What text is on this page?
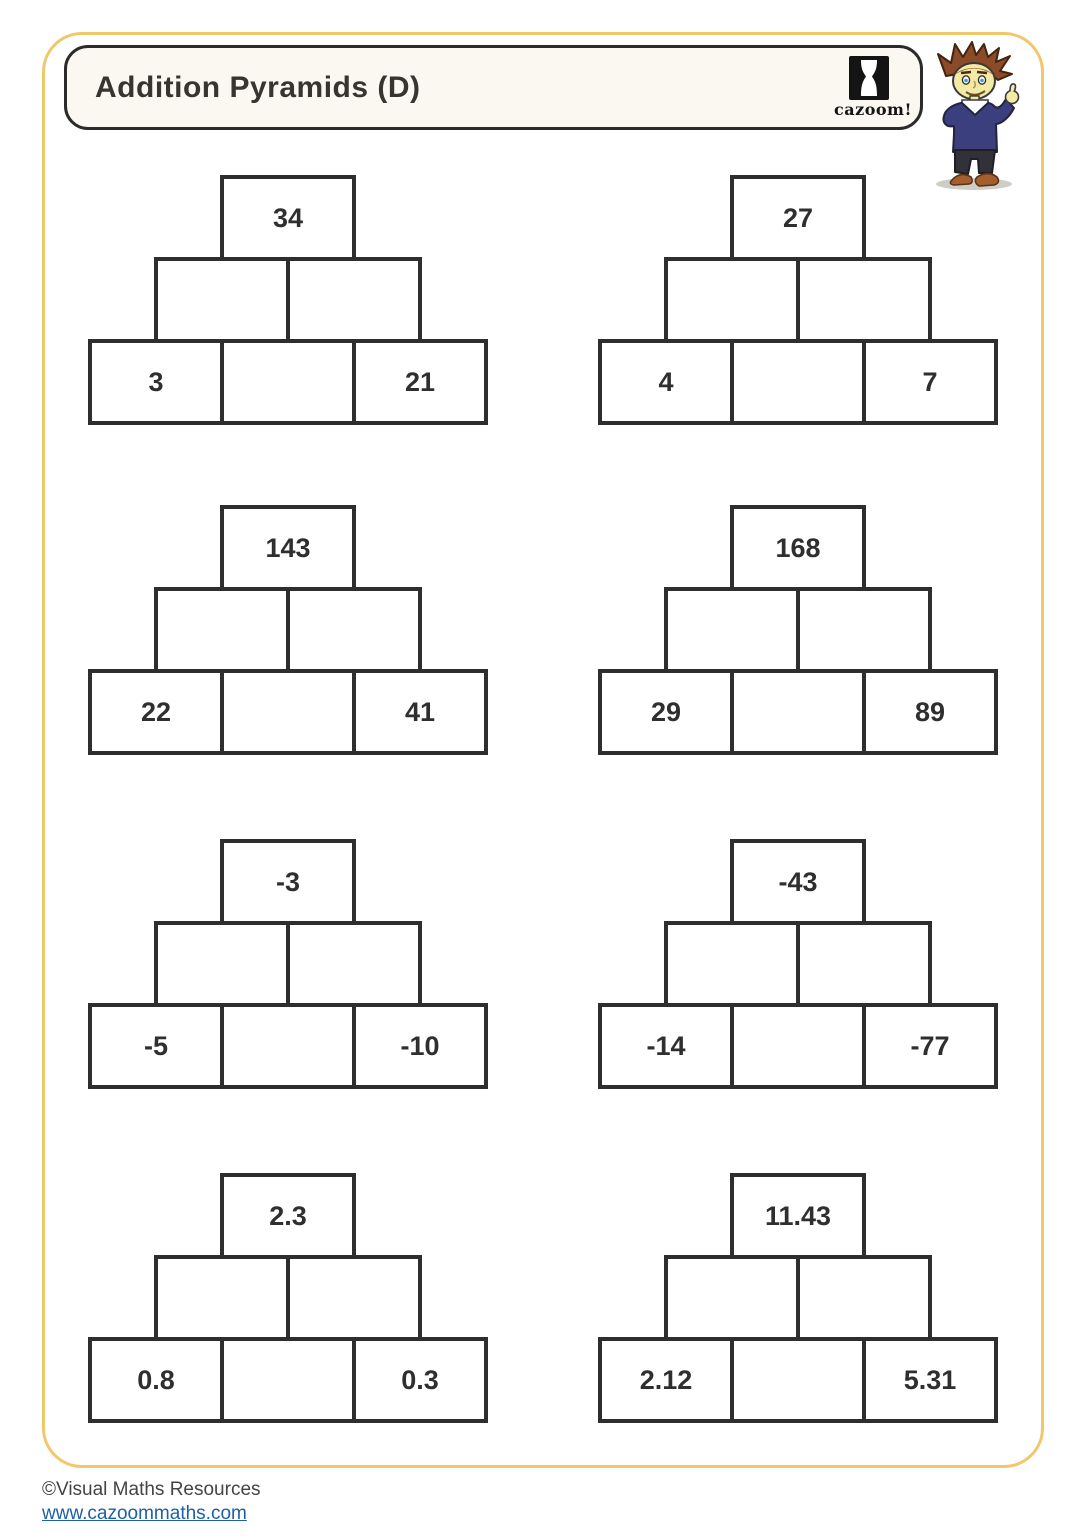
Addition Pyramids (D)
cazoom!
34
3	21
27
4	7
143
22	41
168
29	89
-3
-5	-10
-43
-14	-77
2.3
0.8	0.3
11.43
2.12	5.31
©Visual Maths Resources
www.cazoommaths.com
